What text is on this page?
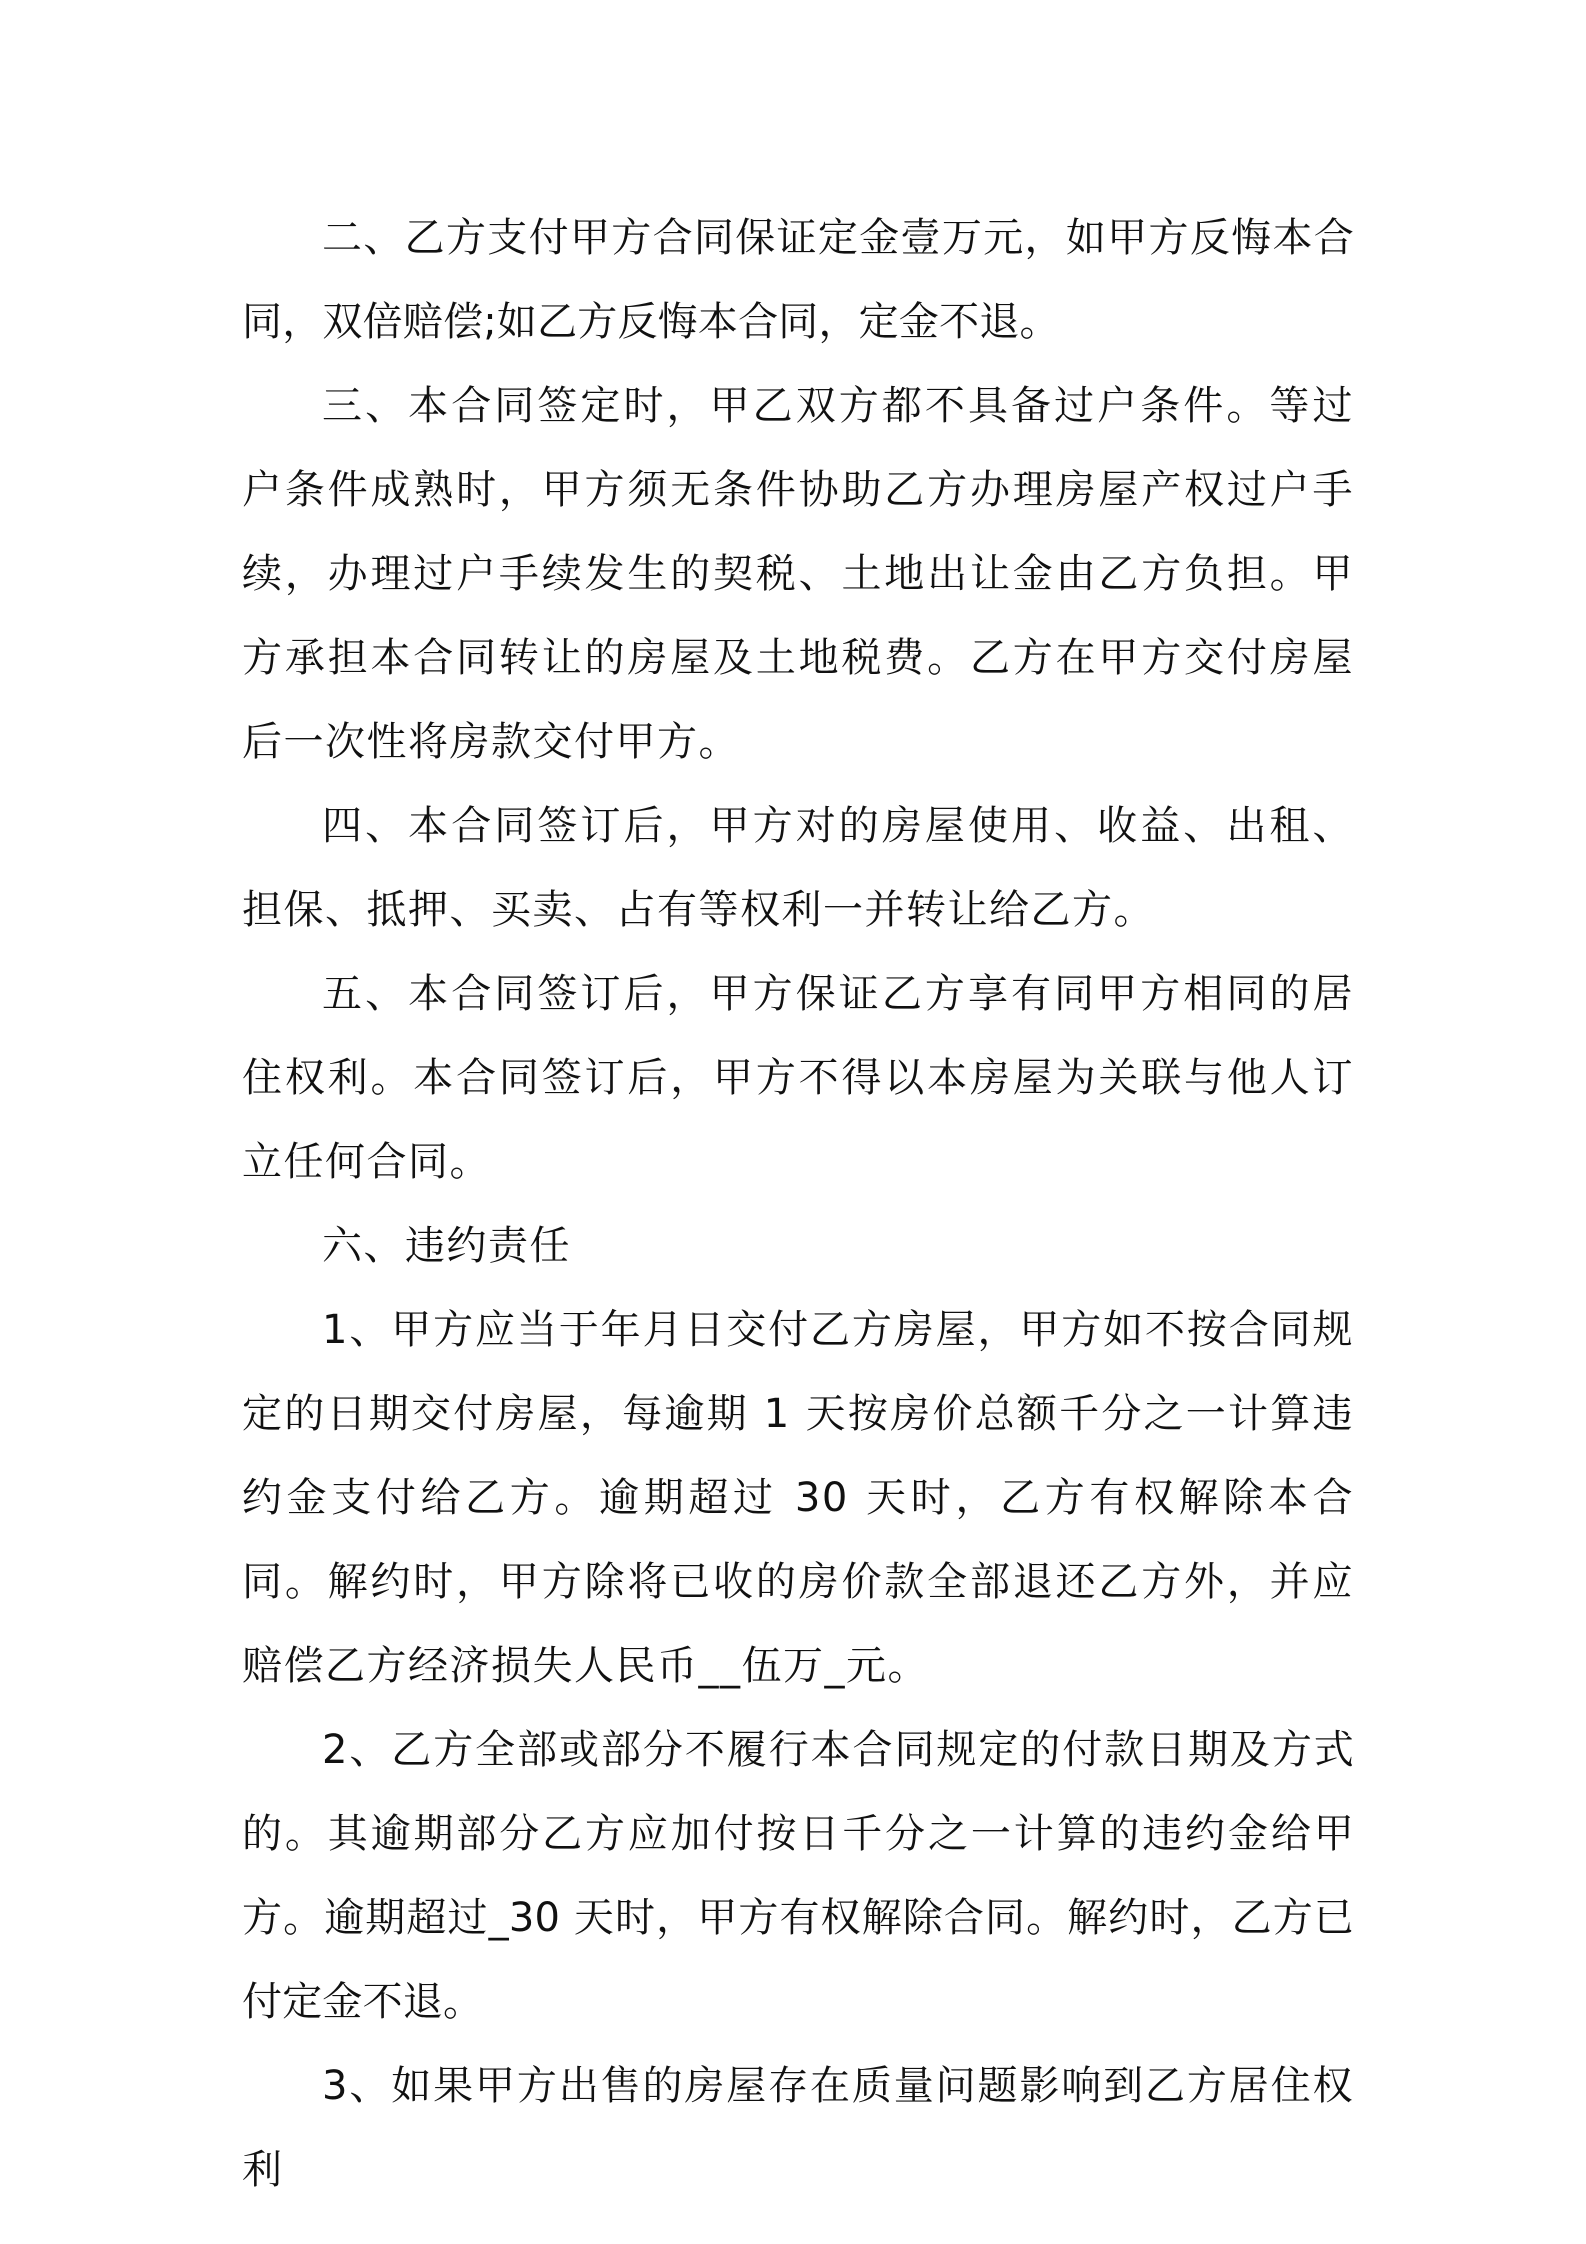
二、乙方支付甲方合同保证定金壹万元，如甲方反悔本合同，双倍赔偿;如乙方反悔本合同，定金不退。

三、本合同签定时，甲乙双方都不具备过户条件。等过户条件成熟时，甲方须无条件协助乙方办理房屋产权过户手续，办理过户手续发生的契税、土地出让金由乙方负担。甲方承担本合同转让的房屋及土地税费。乙方在甲方交付房屋后一次性将房款交付甲方。

四、本合同签订后，甲方对的房屋使用、收益、出租、担保、抵押、买卖、占有等权利一并转让给乙方。

五、本合同签订后，甲方保证乙方享有同甲方相同的居住权利。本合同签订后，甲方不得以本房屋为关联与他人订立任何合同。

六、违约责任

1、甲方应当于年月日交付乙方房屋，甲方如不按合同规定的日期交付房屋，每逾期 1 天按房价总额千分之一计算违约金支付给乙方。逾期超过 30 天时，乙方有权解除本合同。解约时，甲方除将已收的房价款全部退还乙方外，并应赔偿乙方经济损失人民币__伍万_元。

2、乙方全部或部分不履行本合同规定的付款日期及方式的。其逾期部分乙方应加付按日千分之一计算的违约金给甲方。逾期超过_30 天时，甲方有权解除合同。解约时，乙方已付定金不退。

3、如果甲方出售的房屋存在质量问题影响到乙方居住权利
